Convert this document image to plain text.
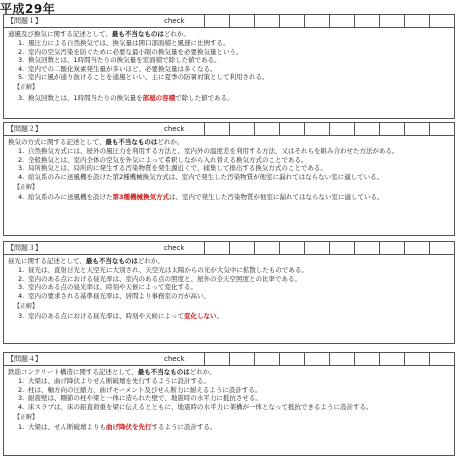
平成29年
【問題１】	check
通風及び換気に関する記述として、最も不当なものはどれか。
1. 風圧力による自然換気では、換気量は開口部面積と風速に比例する。
2. 室内の空気汚染を防ぐために必要な最小限の換気量を必要換気量という。
3. 換気回数とは、1時間当たりの換気量を室面積で除した値である。
4. 室内での二酸化炭素発生量が多いほど、必要換気量は多くなる。
5. 室内に風が通り抜けることを通風といい、主に夏季の防暑対策として利用される。
【正解】
3. 換気回数とは、1時間当たりの換気量を部屋の容積で除した値である。
【問題２】	check
換気の方式に関する記述として、最も不当なものはどれか。
1. 自然換気方式には、屋外の風圧力を利用する方法と、室内外の温度差を利用する方法、又はそれらを組み合わせた方法がある。
2. 全般換気とは、室内全体の空気を外気によって希釈しながら入れ替える換気方式のことである。
3. 局所換気とは、局所的に発生する汚染物質を発生源近くで、捕集して排出する換気方式のことである。
4. 給気系のみに送風機を設けた第2種機械換気方式は、室内で発生した汚染物質が他室に漏れてはならない室に適している。
【正解】
4. 給気系のみに送風機を設けた第3種機械換気方式は、室内で発生した汚染物質が他室に漏れてはならない室に適している。
【問題３】	check
昼光に関する記述として、最も不当なものはどれか。
1. 昼光は、直射日光と天空光に大別され、天空光は太陽からの光が大気中に拡散したものである。
2. 室内のある点における昼光率は、室内のある点の照度と、屋外の全天空照度との比率である。
3. 室内のある点の昼光率は、時刻や天候によって変化する。
4. 室内の要求される基準昼光率は、居間より事務室の方が高い。
【正解】
3. 室内のある点における昼光率は、時刻や天候によって変化しない。
【問題４】	check
鉄筋コンクリート構造に関する記述として、最も不当なものはどれか。
1. 大梁は、曲げ降伏よりせん断破壊を先行するように設計する。
2. 柱は、軸方向の圧縮力、曲げモーメント及びせん断力に耐えるように設計する。
3. 耐震壁は、剛節の柱や梁と一体に造られた壁で、地震時の水平力に抵抗させる。
4. 床スラブは、床の鉛直荷重を梁に伝えるとともに、地震時の水平力に架構が一体となって抵抗できるように設計する。
【正解】
1. 大梁は、せん断破壊よりも曲げ降伏を先行するように設計する。
